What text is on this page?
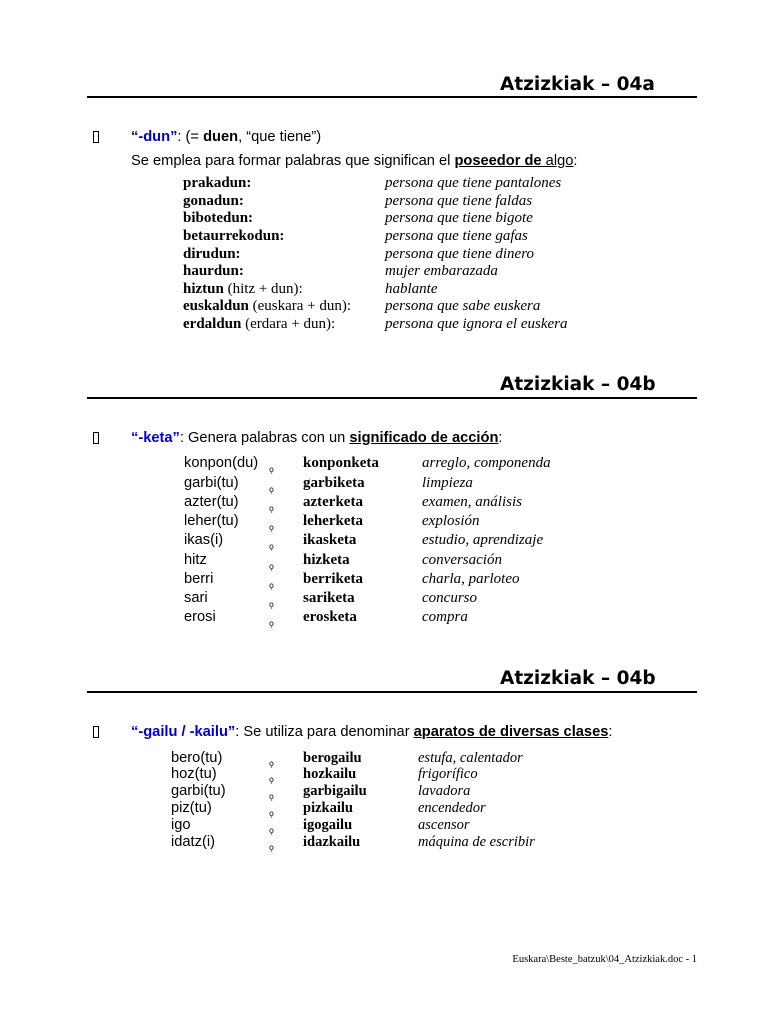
Atzizkiak – 04a
“-dun”: (= duen, “que tiene”)
Se emplea para formar palabras que significan el poseedor de algo:
prakadun:	persona que tiene pantalones
gonadun:	persona que tiene faldas
bibotedun:	persona que tiene bigote
betaurrekodun:	persona que tiene gafas
dirudun:	persona que tiene dinero
haurdun:	mujer embarazada
hiztun (hitz + dun):	hablante
euskaldun (euskara + dun): persona que sabe euskera
erdaldun (erdara + dun):	persona que ignora el euskera
Atzizkiak – 04b
“-keta”: Genera palabras con un significado de acción:
konpon(du) ǫ konponketa	arreglo, componenda
garbi(tu)	ǫ garbiketa	limpieza
azter(tu)	ǫ azterketa	examen, análisis
leher(tu)	ǫ leherketa	explosión
ikas(i)	ǫ ikasketa	estudio, aprendizaje
hitz	ǫ hizketa	conversación
berri	ǫ berriketa	charla, parloteo
sari	ǫ sariketa	concurso
erosi	ǫ erosketa	compra
Atzizkiak – 04b
“-gailu / -kailu”: Se utiliza para denominar aparatos de diversas clases:
bero(tu)	ǫ berogailu	estufa, calentador
hoz(tu)	ǫ hozkailu	frigorífico
garbi(tu)	ǫ garbigailu	lavadora
piz(tu)	ǫ pizkailu	encendedor
igo	ǫ igogailu	ascensor
idatz(i)	ǫ idazkailu	máquina de escribir
Euskara\Beste_batzuk\04_Atzizkiak.doc - 1
